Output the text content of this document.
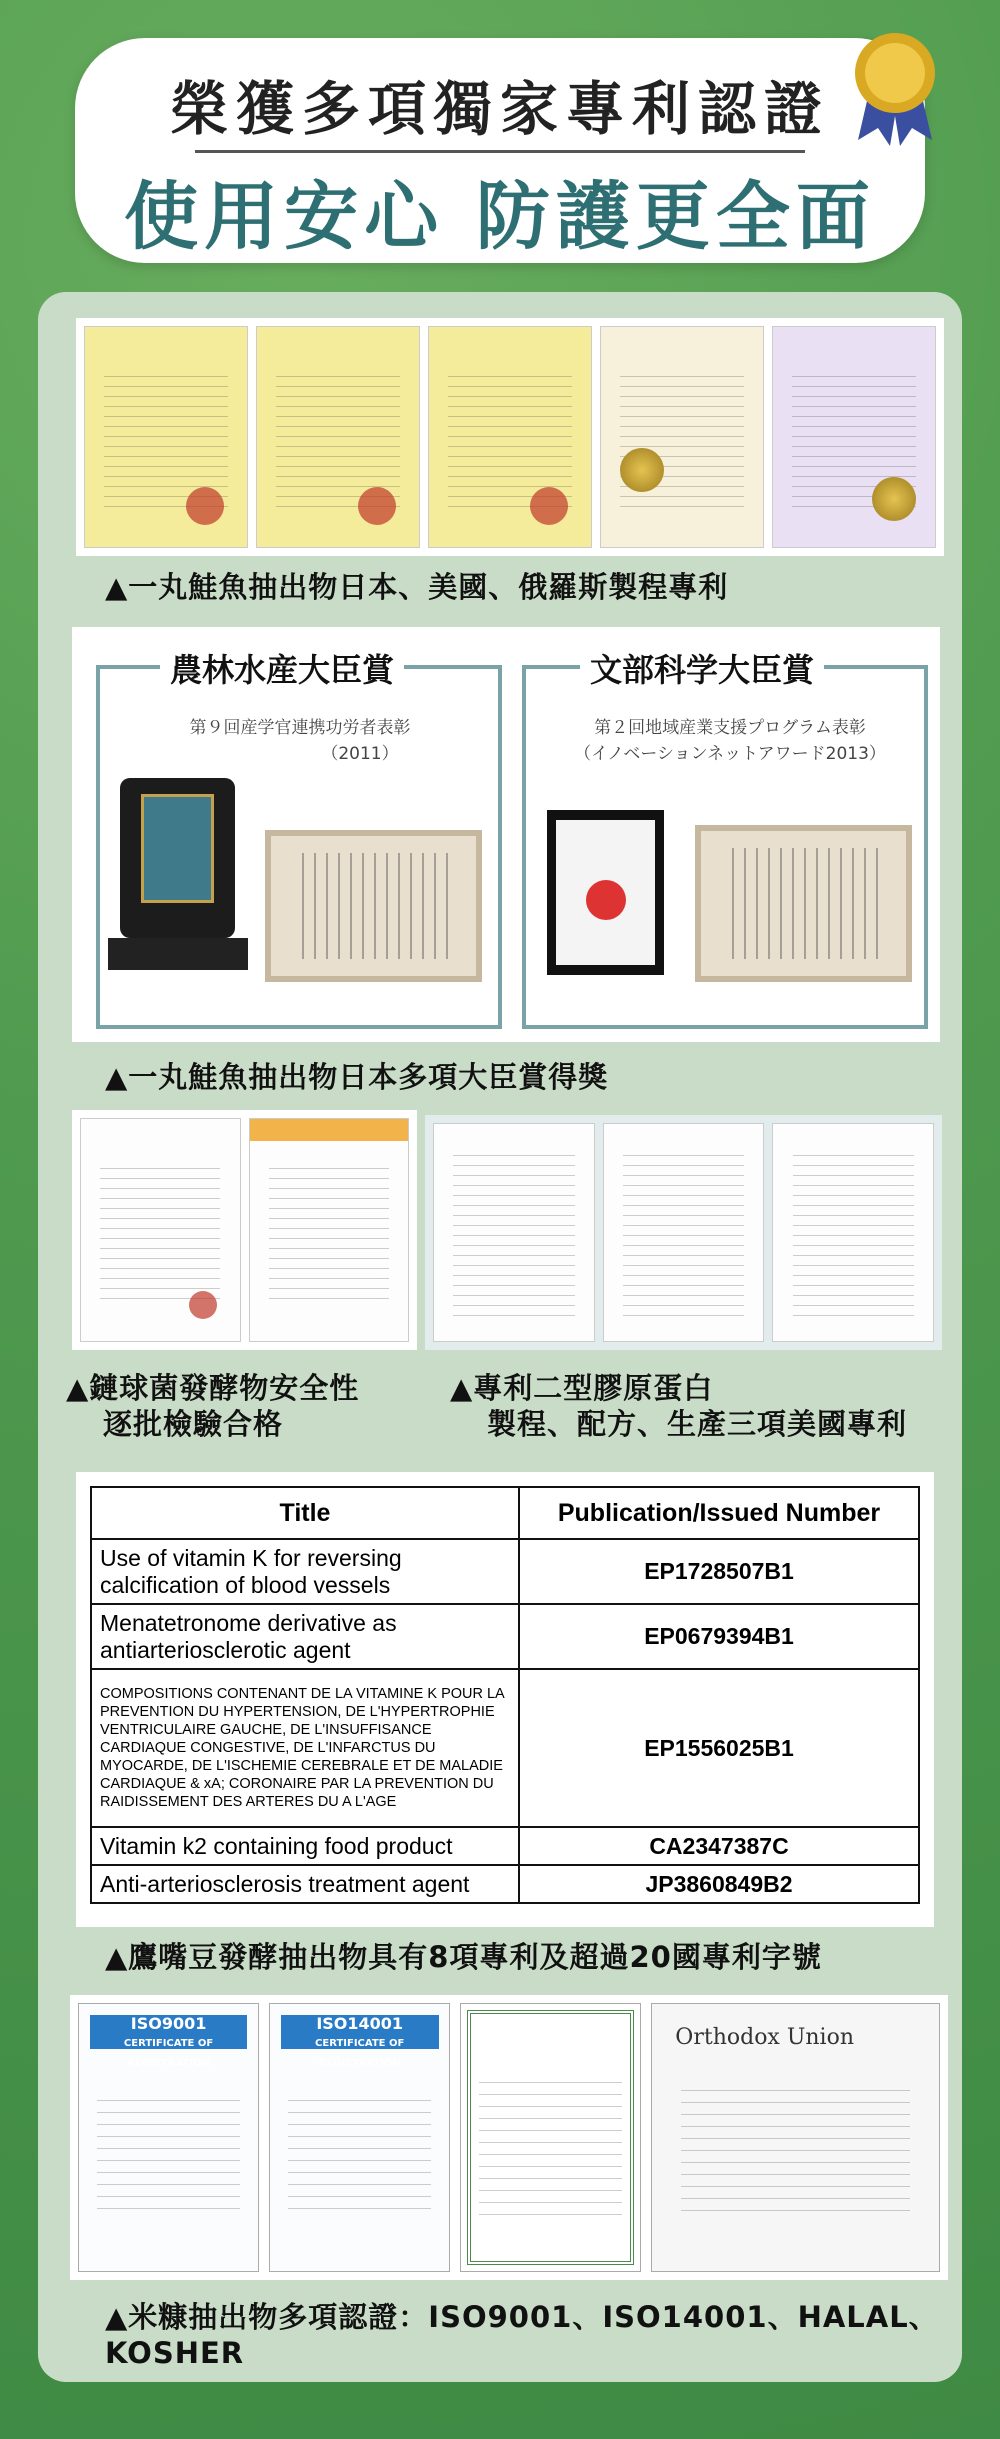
榮獲多項獨家專利認證
使用安心 防護更全面
▲一丸鮭魚抽出物日本、美國、俄羅斯製程專利
農林水産大臣賞	文部科学大臣賞
第９回産学官連携功労者表彰
（2011）
第２回地域産業支援プログラム表彰
（イノベーションネットアワード2013）
▲一丸鮭魚抽出物日本多項大臣賞得獎
▲鏈球菌發酵物安全性
逐批檢驗合格
▲專利二型膠原蛋白
製程、配方、生產三項美國專利
Title	Publication/Issued Number
Use of vitamin K for reversing calcification of blood vessels	EP1728507B1
Menatetronome derivative as antiarteriosclerotic agent	EP0679394B1
COMPOSITIONS CONTENANT DE LA VITAMINE K POUR LA PREVENTION DU HYPERTENSION, DE L'HYPERTROPHIE VENTRICULAIRE GAUCHE, DE L'INSUFFISANCE CARDIAQUE CONGESTIVE, DE L'INFARCTUS DU MYOCARDE, DE L'ISCHEMIE CEREBRALE ET DE MALADIE CARDIAQUE & xA; CORONAIRE PAR LA PREVENTION DU RAIDISSEMENT DES ARTERES DU A L'AGE	EP1556025B1
Vitamin k2 containing food product	CA2347387C
Anti-arteriosclerosis treatment agent	JP3860849B2
▲鷹嘴豆發酵抽出物具有8項專利及超過20國專利字號
ISO9001
CERTIFICATE OF REGISTRATION
ISO14001
CERTIFICATE OF REGISTRATION
Orthodox Union
▲米糠抽出物多項認證：ISO9001、ISO14001、HALAL、KOSHER
